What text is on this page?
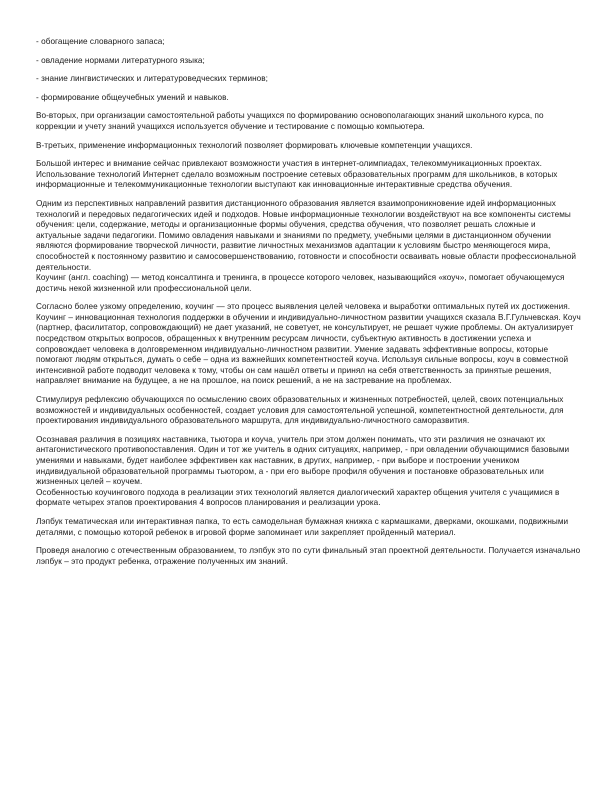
- обогащение словарного запаса;
- овладение нормами литературного языка;
- знание лингвистических и литературоведческих терминов;
- формирование общеучебных умений и навыков.
Во-вторых, при организации самостоятельной работы учащихся по формированию основополагающих знаний школьного курса, по коррекции и учету знаний учащихся используется обучение и тестирование с помощью компьютера.
В-третьих, применение информационных технологий позволяет формировать ключевые компетенции учащихся.
Большой интерес и внимание сейчас привлекают возможности участия в интернет-олимпиадах, телекоммуникационных проектах. Использование технологий Интернет сделало возможным построение сетевых образовательных программ для школьников, в которых информационные и телекоммуникационные технологии выступают как инновационные интерактивные средства обучения.
Одним из перспективных направлений развития дистанционного образования является взаимопроникновение идей информационных технологий и передовых педагогических идей и подходов. Новые информационные технологии воздействуют на все компоненты системы обучения: цели, содержание, методы и организационные формы обучения, средства обучения, что позволяет решать сложные и актуальные задачи педагогики. Помимо овладения навыками и знаниями по предмету, учебными целями в дистанционном обучении являются формирование творческой личности, развитие личностных механизмов адаптации к условиям быстро меняющегося мира, способностей к постоянному развитию и самосовершенствованию, готовности и способности осваивать новые области профессиональной деятельности.
Коучинг (англ. coaching) — метод консалтинга и тренинга, в процессе которого человек, называющийся «коуч», помогает обучающемуся достичь некой жизненной или профессиональной цели.
Согласно более узкому определению, коучинг — это процесс выявления целей человека и выработки оптимальных путей их достижения.
Коучинг – инновационная технология поддержки в обучении и индивидуально-личностном развитии учащихся сказала В.Г.Гульчевская. Коуч (партнер, фасилитатор, сопровождающий) не дает указаний, не советует, не консультирует, не решает чужие проблемы. Он актуализирует посредством открытых вопросов, обращенных к внутренним ресурсам личности, субъектную активность в достижении успеха и сопровождает человека в долговременном индивидуально-личностном развитии. Умение задавать эффективные вопросы, которые помогают людям открыться, думать о себе – одна из важнейших компетентностей коуча. Используя сильные вопросы, коуч в совместной интенсивной работе подводит человека к тому, чтобы он сам нашёл ответы и принял на себя ответственность за принятые решения, направляет внимание на будущее, а не на прошлое, на поиск решений, а не на застревание на проблемах.
Стимулируя рефлексию обучающихся по осмыслению своих образовательных и жизненных потребностей, целей, своих потенциальных возможностей и индивидуальных особенностей, создает условия для самостоятельной успешной, компетентностной деятельности, для проектирования индивидуального образовательного маршрута, для индивидуально-личностного саморазвития.
Осознавая различия в позициях наставника, тьютора и коуча, учитель при этом должен понимать, что эти различия не означают их антагонистического противопоставления. Один и тот же учитель в одних ситуациях, например, - при овладении обучающимися базовыми умениями и навыками, будет наиболее эффективен как наставник, в других, например, - при выборе и построении учеником индивидуальной образовательной программы тьютором, а - при его выборе профиля обучения и постановке образовательных или жизненных целей – коучем.
Особенностью коучингового подхода в реализации этих технологий является диалогический характер общения учителя с учащимися в формате четырех этапов проектирования 4 вопросов планирования и реализации урока.
Лэпбук тематическая или интерактивная папка, то есть самодельная бумажная книжка с кармашками, дверками, окошками, подвижными деталями, с помощью которой ребенок в игровой форме запоминает или закрепляет пройденный материал.
Проведя аналогию с отечественным образованием, то лэпбук это по сути финальный этап проектной деятельности. Получается изначально лэпбук – это продукт ребенка, отражение полученных им знаний.
